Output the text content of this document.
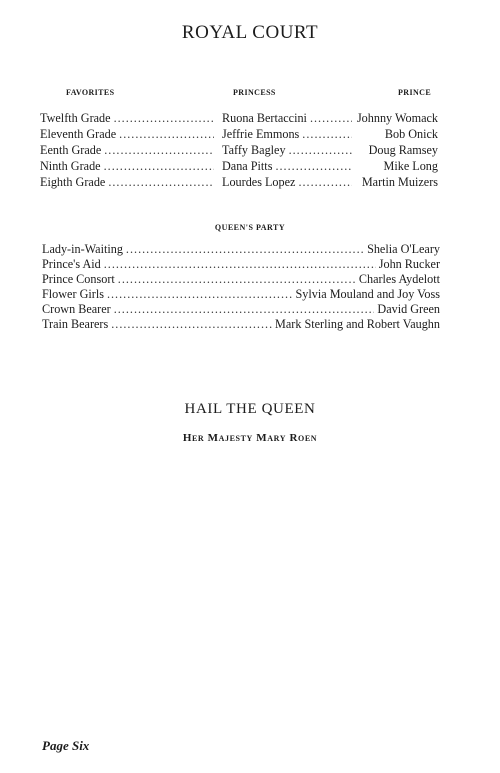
ROYAL COURT
FAVORITES	PRINCESS	PRINCE
Twelfth Grade .....	Ruona Bertaccini .....	Johnny Womack
Eleventh Grade .....	Jeffrie Emmons .....	Bob Onick
Eenth Grade .....	Taffy Bagley .....	Doug Ramsey
Ninth Grade .....	Dana Pitts .....	Mike Long
Eighth Grade .....	Lourdes Lopez .....	Martin Muizers
QUEEN'S PARTY
Lady-in-Waiting .....	Shelia O'Leary
Prince's Aid .....	John Rucker
Prince Consort .....	Charles Aydelott
Flower Girls .....	Sylvia Mouland and Joy Voss
Crown Bearer .....	David Green
Train Bearers .....	Mark Sterling and Robert Vaughn
HAIL THE QUEEN
Her Majesty Mary Roen
Page Six
